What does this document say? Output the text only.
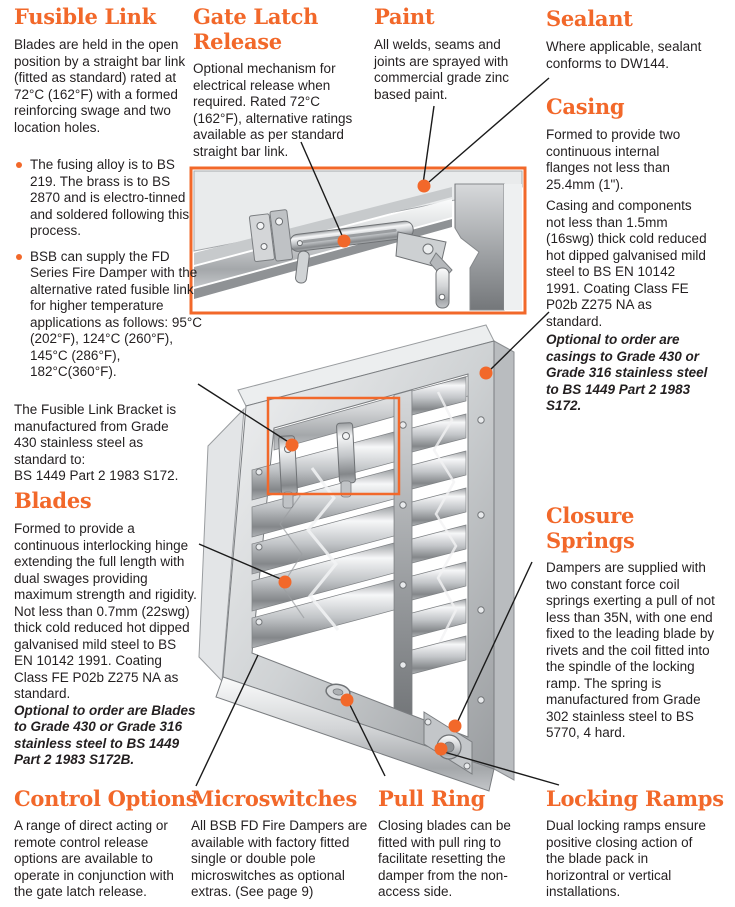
Fusible Link
Blades are held in the open position by a straight bar link (fitted as standard) rated at 72°C (162°F) with a formed reinforcing swage and two location holes.
The fusing alloy is to BS 219. The brass is to BS 2870 and is electro-tinned and soldered following this process.
BSB can supply the FD Series Fire Damper with the alternative rated fusible link for higher temperature applications as follows: 95°C (202°F), 124°C (260°F), 145°C (286°F), 182°C(360°F).
The Fusible Link Bracket is manufactured from Grade 430 stainless steel as standard to:
BS 1449 Part 2 1983 S172.
Blades
Formed to provide a continuous interlocking hinge extending the full length with dual swages providing maximum strength and rigidity. Not less than 0.7mm (22swg) thick cold reduced hot dipped galvanised mild steel to BS EN 10142 1991. Coating Class FE P02b Z275 NA as standard.
Optional to order are Blades to Grade 430 or Grade 316 stainless steel to BS 1449 Part 2 1983 S172B.
Control Options
A range of direct acting or remote control release options are available to operate in conjunction with the gate latch release.
Gate Latch Release
Optional mechanism for electrical release when required. Rated 72°C (162°F), alternative ratings available as per standard straight bar link.
Microswitches
All BSB FD Fire Dampers are available with factory fitted single or double pole microswitches as optional extras. (See page 9)
Paint
All welds, seams and joints are sprayed with commercial grade zinc based paint.
Pull Ring
Closing blades can be fitted with pull ring to facilitate resetting the damper from the non-access side.
Sealant
Where applicable, sealant conforms to DW144.
Casing
Formed to provide two continuous internal flanges not less than 25.4mm (1").
Casing and components not less than 1.5mm (16swg) thick cold reduced hot dipped galvanised mild steel to BS EN 10142 1991. Coating Class FE P02b Z275 NA as standard.
Optional to order are casings to Grade 430 or Grade 316 stainless steel to BS 1449 Part 2 1983 S172.
Closure Springs
Dampers are supplied with two constant force coil springs exerting a pull of not less than 35N, with one end fixed to the leading blade by rivets and the coil fitted into the spindle of the locking ramp. The spring is manufactured from Grade 302 stainless steel to BS 5770, 4 hard.
Locking Ramps
Dual locking ramps ensure positive closing action of the blade pack in horizontral or vertical installations.
